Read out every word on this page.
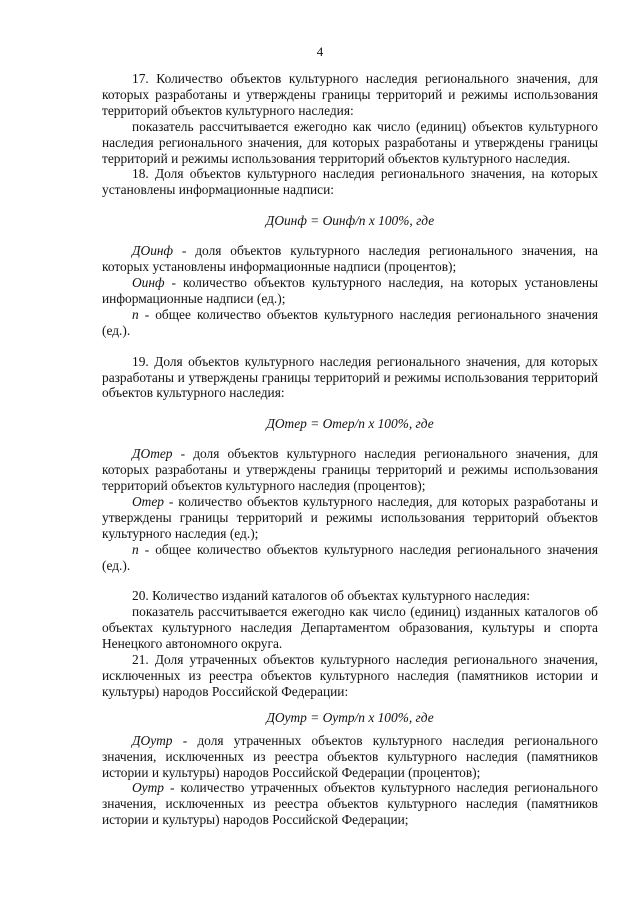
4

17. Количество объектов культурного наследия регионального значения, для которых разработаны и утверждены границы территорий и режимы использования территорий объектов культурного наследия:

показатель рассчитывается ежегодно как число (единиц) объектов культурного наследия регионального значения, для которых разработаны и утверждены границы территорий и режимы использования территорий объектов культурного наследия.

18. Доля объектов культурного наследия регионального значения, на которых установлены информационные надписи:

ДОинф = Оинф/n x 100%, где

ДОинф - доля объектов культурного наследия регионального значения, на которых установлены информационные надписи (процентов);

Оинф - количество объектов культурного наследия, на которых установлены информационные надписи (ед.);

n - общее количество объектов культурного наследия регионального значения (ед.).

19. Доля объектов культурного наследия регионального значения, для которых разработаны и утверждены границы территорий и режимы использования территорий объектов культурного наследия:

ДОтер = Отер/n x 100%, где

ДОтер - доля объектов культурного наследия регионального значения, для которых разработаны и утверждены границы территорий и режимы использования территорий объектов культурного наследия (процентов);

Отер - количество объектов культурного наследия, для которых разработаны и утверждены границы территорий и режимы использования территорий объектов культурного наследия (ед.);

n - общее количество объектов культурного наследия регионального значения (ед.).

20. Количество изданий каталогов об объектах культурного наследия:

показатель рассчитывается ежегодно как число (единиц) изданных каталогов об объектах культурного наследия Департаментом образования, культуры и спорта Ненецкого автономного округа.

21. Доля утраченных объектов культурного наследия регионального значения, исключенных из реестра объектов культурного наследия (памятников истории и культуры) народов Российской Федерации:

ДОутр = Оутр/n x 100%, где

ДОутр - доля утраченных объектов культурного наследия регионального значения, исключенных из реестра объектов культурного наследия (памятников истории и культуры) народов Российской Федерации (процентов);

Оутр - количество утраченных объектов культурного наследия регионального значения, исключенных из реестра объектов культурного наследия (памятников истории и культуры) народов Российской Федерации;
